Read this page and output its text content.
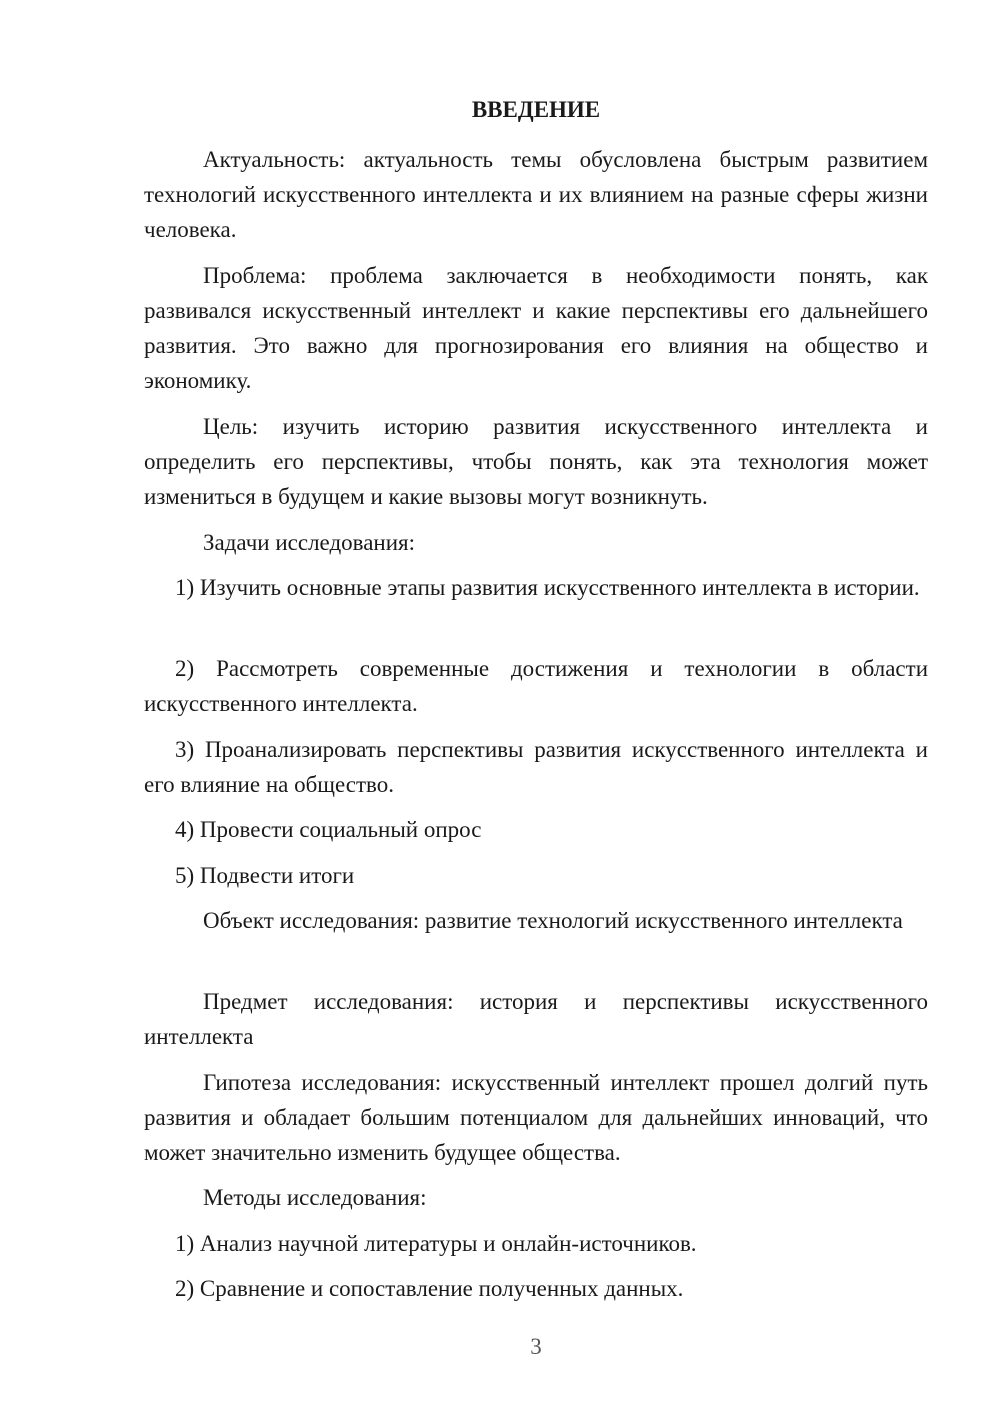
ВВЕДЕНИЕ

Актуальность: актуальность темы обусловлена быстрым развитием технологий искусственного интеллекта и их влиянием на разные сферы жизни человека.

Проблема: проблема заключается в необходимости понять, как развивался искусственный интеллект и какие перспективы его дальнейшего развития. Это важно для прогнозирования его влияния на общество и экономику.

Цель: изучить историю развития искусственного интеллекта и определить его перспективы, чтобы понять, как эта технология может измениться в будущем и какие вызовы могут возникнуть.

Задачи исследования:

1) Изучить основные этапы развития искусственного интеллекта в истории.

2) Рассмотреть современные достижения и технологии в области искусственного интеллекта.

3) Проанализировать перспективы развития искусственного интеллекта и его влияние на общество.

4) Провести социальный опрос

5) Подвести итоги

Объект исследования: развитие технологий искусственного интеллекта

Предмет исследования: история и перспективы искусственного интеллекта

Гипотеза исследования: искусственный интеллект прошел долгий путь развития и обладает большим потенциалом для дальнейших инноваций, что может значительно изменить будущее общества.

Методы исследования:

1) Анализ научной литературы и онлайн-источников.

2) Сравнение и сопоставление полученных данных.

3
